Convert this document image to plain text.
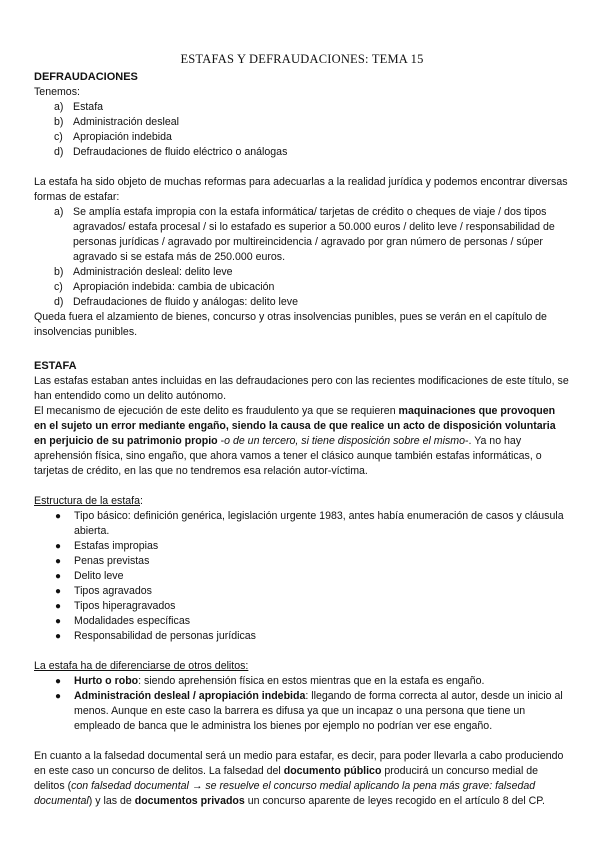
ESTAFAS Y DEFRAUDACIONES: TEMA 15
DEFRAUDACIONES

Tenemos:

a) Estafa
b) Administración desleal
c) Apropiación indebida
d) Defraudaciones de fluido eléctrico o análogas

La estafa ha sido objeto de muchas reformas para adecuarlas a la realidad jurídica y podemos encontrar diversas formas de estafar:

a) Se amplía estafa impropia con la estafa informática/ tarjetas de crédito o cheques de viaje / dos tipos agravados/ estafa procesal / si lo estafado es superior a 50.000 euros / delito leve / responsabilidad de personas jurídicas / agravado por multireincidencia / agravado por gran número de personas / súper agravado si se estafa más de 250.000 euros.
b) Administración desleal: delito leve
c) Apropiación indebida: cambia de ubicación
d) Defraudaciones de fluido y análogas: delito leve

Queda fuera el alzamiento de bienes, concurso y otras insolvencias punibles, pues se verán en el capítulo de insolvencias punibles.

ESTAFA

Las estafas estaban antes incluidas en las defraudaciones pero con las recientes modificaciones de este título, se han entendido como un delito autónomo.

El mecanismo de ejecución de este delito es fraudulento ya que se requieren maquinaciones que provoquen en el sujeto un error mediante engaño, siendo la causa de que realice un acto de disposición voluntaria en perjuicio de su patrimonio propio -o de un tercero, si tiene disposición sobre el mismo-. Ya no hay aprehensión física, sino engaño, que ahora vamos a tener el clásico aunque también estafas informáticas, o tarjetas de crédito, en las que no tendremos esa relación autor-víctima.

Estructura de la estafa:

● Tipo básico: definición genérica, legislación urgente 1983, antes había enumeración de casos y cláusula abierta.
● Estafas impropias
● Penas previstas
● Delito leve
● Tipos agravados
● Tipos hiperagravados
● Modalidades específicas
● Responsabilidad de personas jurídicas

La estafa ha de diferenciarse de otros delitos:

● Hurto o robo: siendo aprehensión física en estos mientras que en la estafa es engaño.
● Administración desleal / apropiación indebida: llegando de forma correcta al autor, desde un inicio al menos. Aunque en este caso la barrera es difusa ya que un incapaz o una persona que tiene un empleado de banca que le administra los bienes por ejemplo no podrían ver ese engaño.

En cuanto a la falsedad documental será un medio para estafar, es decir, para poder llevarla a cabo produciendo en este caso un concurso de delitos. La falsedad del documento público producirá un concurso medial de delitos (con falsedad documental → se resuelve el concurso medial aplicando la pena más grave: falsedad documental) y las de documentos privados un concurso aparente de leyes recogido en el artículo 8 del CP.
